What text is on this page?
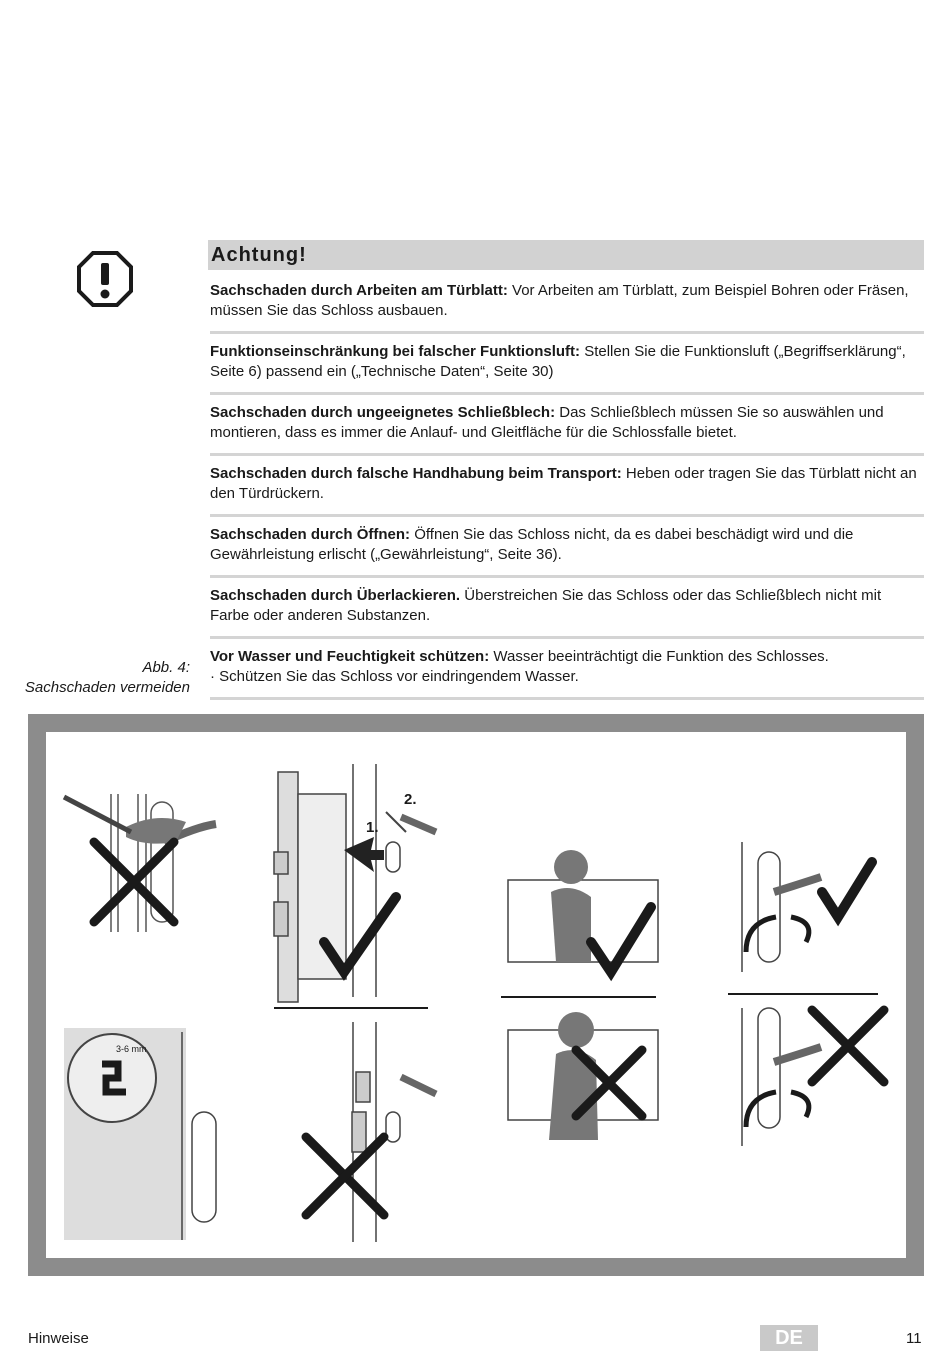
Achtung!
Sachschaden durch Arbeiten am Türblatt: Vor Arbeiten am Türblatt, zum Beispiel Bohren oder Fräsen, müssen Sie das Schloss ausbauen.
Funktionseinschränkung bei falscher Funktionsluft: Stellen Sie die Funktionsluft („Begriffserklärung“, Seite 6) passend ein („Technische Daten“, Seite 30)
Sachschaden durch ungeeignetes Schließblech: Das Schließblech müssen Sie so auswählen und montieren, dass es immer die Anlauf- und Gleitfläche für die Schlossfalle bietet.
Sachschaden durch falsche Handhabung beim Transport: Heben oder tragen Sie das Türblatt nicht an den Türdrückern.
Sachschaden durch Öffnen: Öffnen Sie das Schloss nicht, da es dabei beschädigt wird und die Gewährleistung erlischt („Gewährleistung“, Seite 36).
Sachschaden durch Überlackieren. Überstreichen Sie das Schloss oder das Schließblech nicht mit Farbe oder anderen Substanzen.
Vor Wasser und Feuchtigkeit schützen: Wasser beeinträchtigt die Funktion des Schlosses.
· Schützen Sie das Schloss vor eindringendem Wasser.
Abb. 4:
Sachschaden vermeiden
1.
2.
3-6 mm
Hinweise	DE	11
